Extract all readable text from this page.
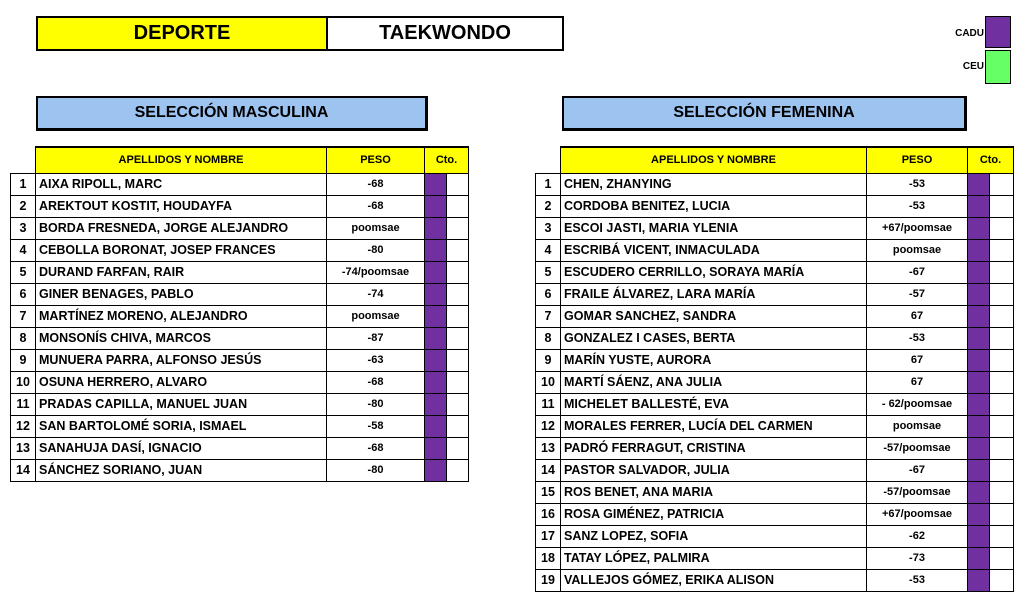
DEPORTE	TAEKWONDO	CADU
CEU
SELECCIÓN MASCULINA	SELECCIÓN FEMENINA
	APELLIDOS Y NOMBRE	PESO	Cto.	
1	AIXA RIPOLL, MARC	-68		
2	AREKTOUT KOSTIT, HOUDAYFA	-68		
3	BORDA FRESNEDA, JORGE ALEJANDRO	poomsae		
4	CEBOLLA BORONAT, JOSEP FRANCES	-80		
5	DURAND FARFAN, RAIR	-74/poomsae		
6	GINER BENAGES, PABLO	-74		
7	MARTÍNEZ MORENO, ALEJANDRO	poomsae		
8	MONSONÍS CHIVA, MARCOS	-87		
9	MUNUERA PARRA, ALFONSO JESÚS	-63		
10	OSUNA HERRERO, ALVARO	-68		
11	PRADAS CAPILLA, MANUEL JUAN	-80		
12	SAN BARTOLOMÉ SORIA, ISMAEL	-58		
13	SANAHUJA DASÍ, IGNACIO	-68		
14	SÁNCHEZ SORIANO, JUAN	-80		
	APELLIDOS Y NOMBRE	PESO	Cto.	
1	CHEN, ZHANYING	-53		
2	CORDOBA BENITEZ, LUCIA	-53		
3	ESCOI JASTI, MARIA YLENIA	+67/poomsae		
4	ESCRIBÁ VICENT, INMACULADA	poomsae		
5	ESCUDERO CERRILLO, SORAYA MARÍA	-67		
6	FRAILE ÁLVAREZ, LARA MARÍA	-57		
7	GOMAR SANCHEZ, SANDRA	67		
8	GONZALEZ I CASES, BERTA	-53		
9	MARÍN YUSTE, AURORA	67		
10	MARTÍ SÁENZ, ANA JULIA	67		
11	MICHELET BALLESTÉ, EVA	- 62/poomsae		
12	MORALES FERRER, LUCÍA DEL CARMEN	poomsae		
13	PADRÓ FERRAGUT, CRISTINA	-57/poomsae		
14	PASTOR SALVADOR, JULIA	-67		
15	ROS BENET, ANA MARIA	-57/poomsae		
16	ROSA GIMÉNEZ, PATRICIA	+67/poomsae		
17	SANZ LOPEZ, SOFIA	-62		
18	TATAY LÓPEZ, PALMIRA	-73		
19	VALLEJOS GÓMEZ, ERIKA ALISON	-53		
